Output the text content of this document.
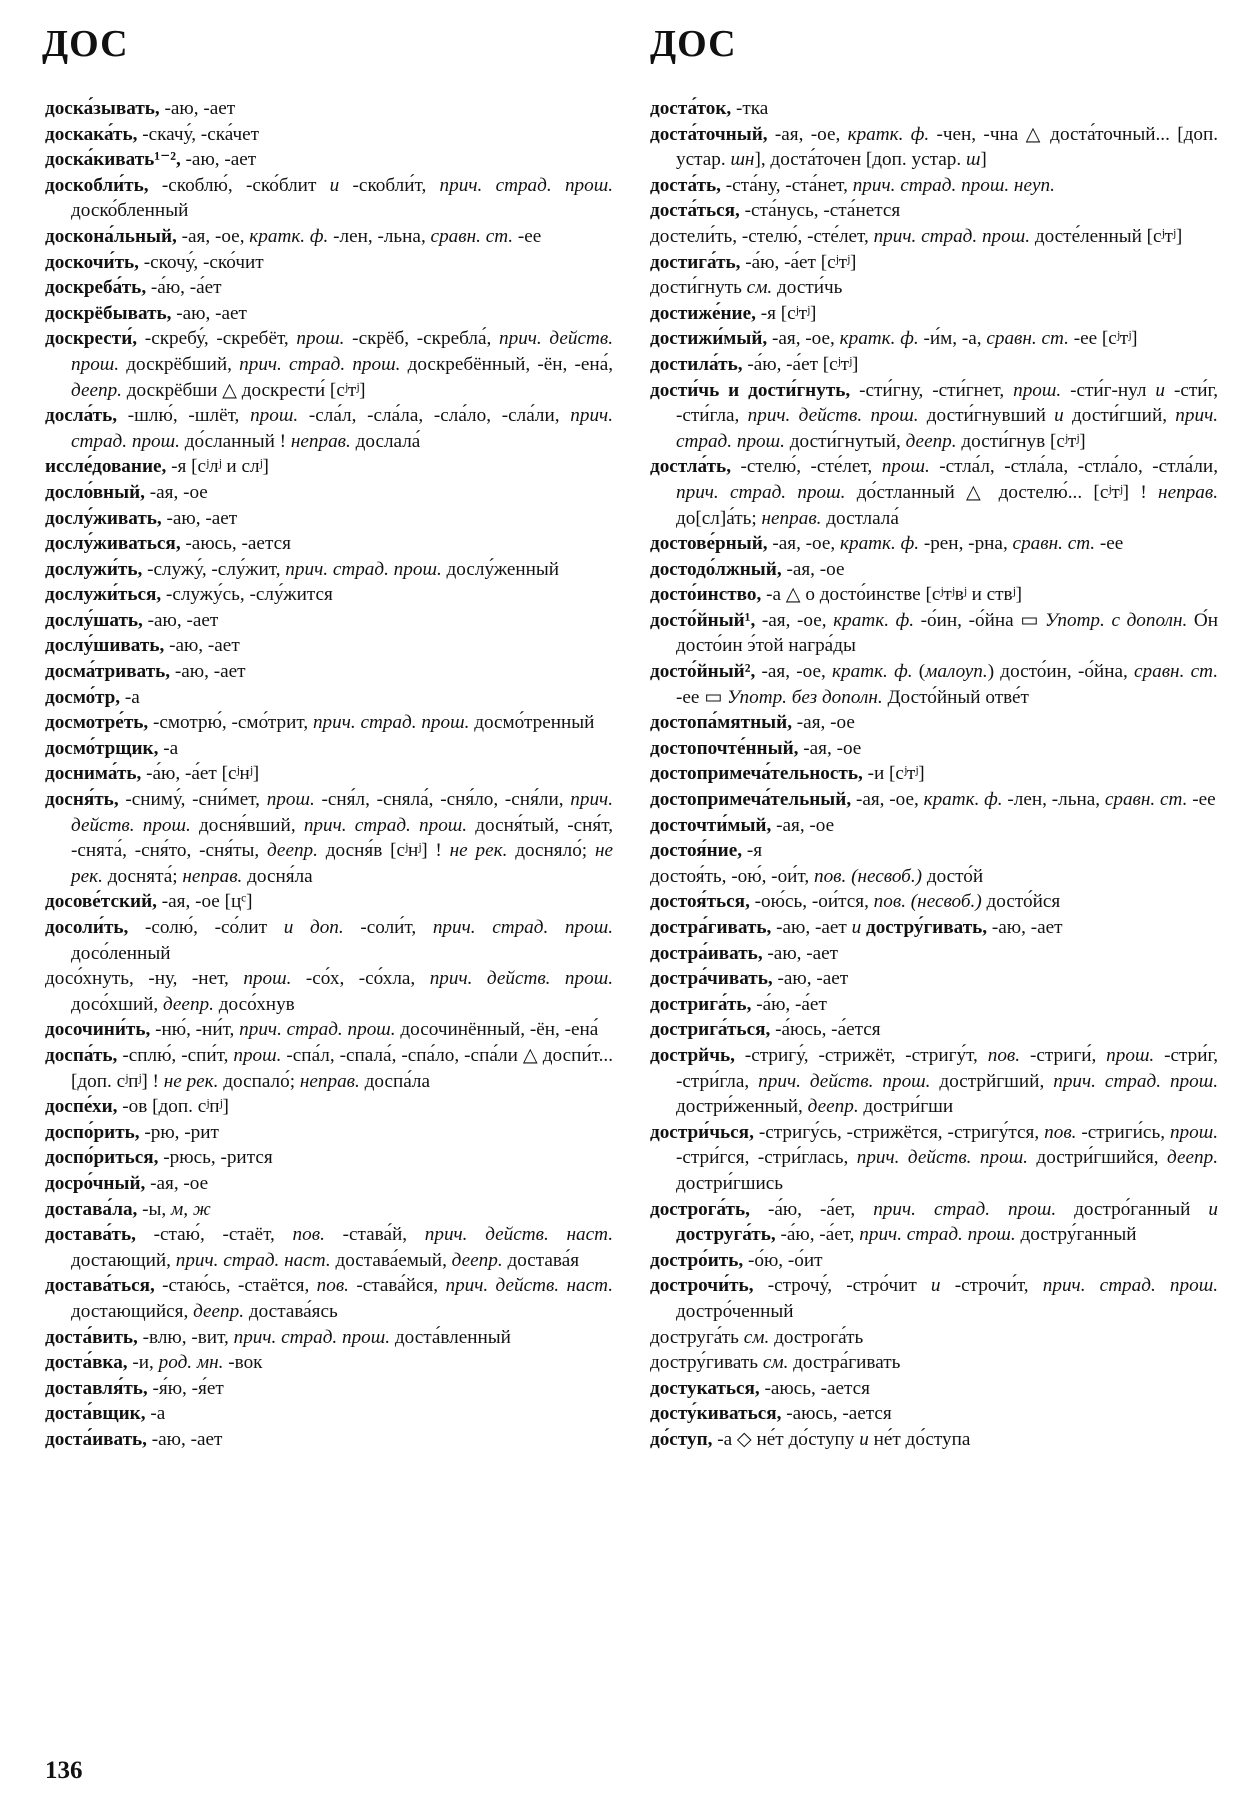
ДОС	ДОС
доска́зывать, -аю, -ает
доскака́ть, -скачу́, -ска́чет
доска́кивать¹⁻², -аю, -ает
доскобли́ть, -скоблю́, -ско́блит и -скобли́т, прич. страд. прош. доско́бленный
доскона́льный, -ая, -ое, кратк. ф. -лен, -льна, сравн. ст. -ее
доскочи́ть, -скочу́, -ско́чит
доскреба́ть, -а́ю, -а́ет
доскрёбывать, -аю, -ает
доскрести́, -скребу́, -скребёт, прош. -скрёб, -скребла́, прич. действ. прош. доскрёбший, прич. страд. прош. доскребённый, -ён, -ена́, деепр. доскрёбши △ доскрести́ [сʲтʲ]
досла́ть, -шлю́, -шлёт, прош. -сла́л, -сла́ла, -сла́ло, -сла́ли, прич. страд. прош. до́сланный ! неправ. дослала́
иссле́дование, -я [сʲлʲ и слʲ]
досло́вный, -ая, -ое
дослу́живать, -аю, -ает
дослу́живаться, -аюсь, -ается
дослужи́ть, -служу́, -слу́жит, прич. страд. прош. дослу́женный
дослужи́ться, -служу́сь, -слу́жится
дослу́шать, -аю, -ает
дослу́шивать, -аю, -ает
досма́тривать, -аю, -ает
досмо́тр, -а
досмотре́ть, -смотрю́, -смо́трит, прич. страд. прош. досмо́тренный
досмо́трщик, -а
доснима́ть, -а́ю, -а́ет [сʲнʲ]
досня́ть, -сниму́, -сни́мет, прош. -сня́л, -сняла́, -сня́ло, -сня́ли, прич. действ. прош. досня́вший, прич. страд. прош. досня́тый, -сня́т, -снята́, -сня́то, -сня́ты, деепр. досня́в [сʲнʲ] ! не рек. досняло́; не рек. доснята́; неправ. досня́ла
досове́тский, -ая, -ое [цᶜ]
досоли́ть, -солю́, -со́лит и доп. -соли́т, прич. страд. прош. досо́ленный
досо́хнуть, -ну, -нет, прош. -со́х, -со́хла, прич. действ. прош. досо́хший, деепр. досо́хнув
досочини́ть, -ню́, -ни́т, прич. страд. прош. досочинённый, -ён, -ена́
доспа́ть, -сплю́, -спи́т, прош. -спа́л, -спала́, -спа́ло, -спа́ли △ доспи́т... [доп. сʲпʲ] ! не рек. доспало́; неправ. доспа́ла
доспе́хи, -ов [доп. сʲпʲ]
доспо́рить, -рю, -рит
доспо́риться, -рюсь, -рится
досро́чный, -ая, -ое
достава́ла, -ы, м, ж
достава́ть, -стаю́, -стаёт, пов. -става́й, прич. действ. наст. достающий, прич. страд. наст. достава́емый, деепр. достава́я
достава́ться, -стаю́сь, -стаётся, пов. -става́йся, прич. действ. наст. достающийся, деепр. достава́ясь
доста́вить, -влю, -вит, прич. страд. прош. доста́вленный
доста́вка, -и, род. мн. -вок
доставля́ть, -я́ю, -я́ет
доста́вщик, -а
доста́ивать, -аю, -ает
доста́ток, -тка
доста́точный, -ая, -ое, кратк. ф. -чен, -чна △ доста́точный... [доп. устар. шн], доста́точен [доп. устар. ш]
доста́ть, -ста́ну, -ста́нет, прич. страд. прош. неуп.
доста́ться, -ста́нусь, -ста́нется
достели́ть, -стелю́, -сте́лет, прич. страд. прош. досте́ленный [сʲтʲ]
достига́ть, -а́ю, -а́ет [сʲтʲ]
дости́гнуть см. дости́чь
достиже́ние, -я [сʲтʲ]
достижи́мый, -ая, -ое, кратк. ф. -и́м, -а, сравн. ст. -ее [сʲтʲ]
достила́ть, -а́ю, -а́ет [сʲтʲ]
дости́чь и дости́гнуть, -сти́гну, -сти́гнет, прош. -сти́г-нул и -сти́г, -сти́гла, прич. действ. прош. дости́гнувший и дости́гший, прич. страд. прош. дости́гнутый, деепр. дости́гнув [сʲтʲ]
достла́ть, -стелю́, -сте́лет, прош. -стла́л, -стла́ла, -стла́ло, -стла́ли, прич. страд. прош. до́стланный △ достелю́... [сʲтʲ] ! неправ. до[сл]а́ть; неправ. достлала́
достове́рный, -ая, -ое, кратк. ф. -рен, -рна, сравн. ст. -ее
достодо́лжный, -ая, -ое
досто́инство, -а △ о досто́инстве [сʲтʲвʲ и ствʲ]
досто́йный¹, -ая, -ое, кратк. ф. -о́ин, -о́йна ▭ Употр. с дополн. О́н досто́ин э́той награ́ды
досто́йный², -ая, -ое, кратк. ф. (малоуп.) досто́ин, -о́йна, сравн. ст. -ее ▭ Употр. без дополн. Досто́йный отве́т
достопа́мятный, -ая, -ое
достопочте́нный, -ая, -ое
достопримеча́тельность, -и [сʲтʲ]
достопримеча́тельный, -ая, -ое, кратк. ф. -лен, -льна, сравн. ст. -ее
досточти́мый, -ая, -ое
достоя́ние, -я
достоя́ть, -ою́, -ои́т, пов. (несвоб.) досто́й
достоя́ться, -ою́сь, -ои́тся, пов. (несвоб.) досто́йся
достра́гивать, -аю, -ает и достру́гивать, -аю, -ает
достра́ивать, -аю, -ает
достра́чивать, -аю, -ает
дострига́ть, -а́ю, -а́ет
дострига́ться, -а́юсь, -а́ется
дострйчь, -стригу́, -стрижёт, -стригу́т, пов. -стриги́, прош. -стри́г, -стри́гла, прич. действ. прош. дострйгший, прич. страд. прош. достри́женный, деепр. достри́гши
достри́чься, -стригу́сь, -стрижётся, -стригу́тся, пов. -стриги́сь, прош. -стри́гся, -стри́глась, прич. действ. прош. достри́гшийся, деепр. достри́гшись
дострога́ть, -а́ю, -а́ет, прич. страд. прош. достро́ганный и доструга́ть, -а́ю, -а́ет, прич. страд. прош. достру́ганный
достро́ить, -о́ю, -о́ит
дострочи́ть, -строчу́, -стро́чит и -строчи́т, прич. страд. прош. достро́ченный
доструга́ть см. дострога́ть
достру́гивать см. достра́гивать
достукаться, -аюсь, -ается
досту́киваться, -аюсь, -ается
до́ступ, -а ◇ не́т до́ступу и не́т до́ступа
136
